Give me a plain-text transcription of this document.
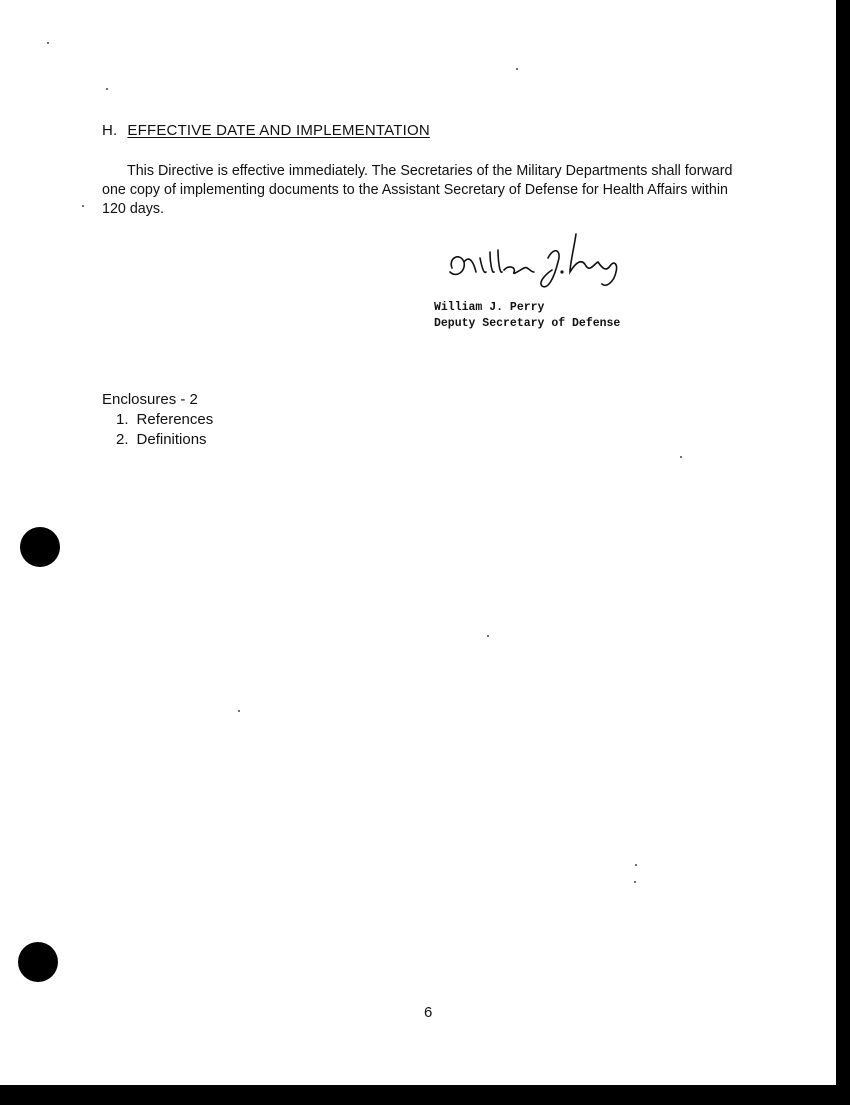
H. EFFECTIVE DATE AND IMPLEMENTATION
This Directive is effective immediately. The Secretaries of the Military Departments shall forward one copy of implementing documents to the Assistant Secretary of Defense for Health Affairs within 120 days.
William J. Perry
Deputy Secretary of Defense
Enclosures - 2
1. References
2. Definitions
6
